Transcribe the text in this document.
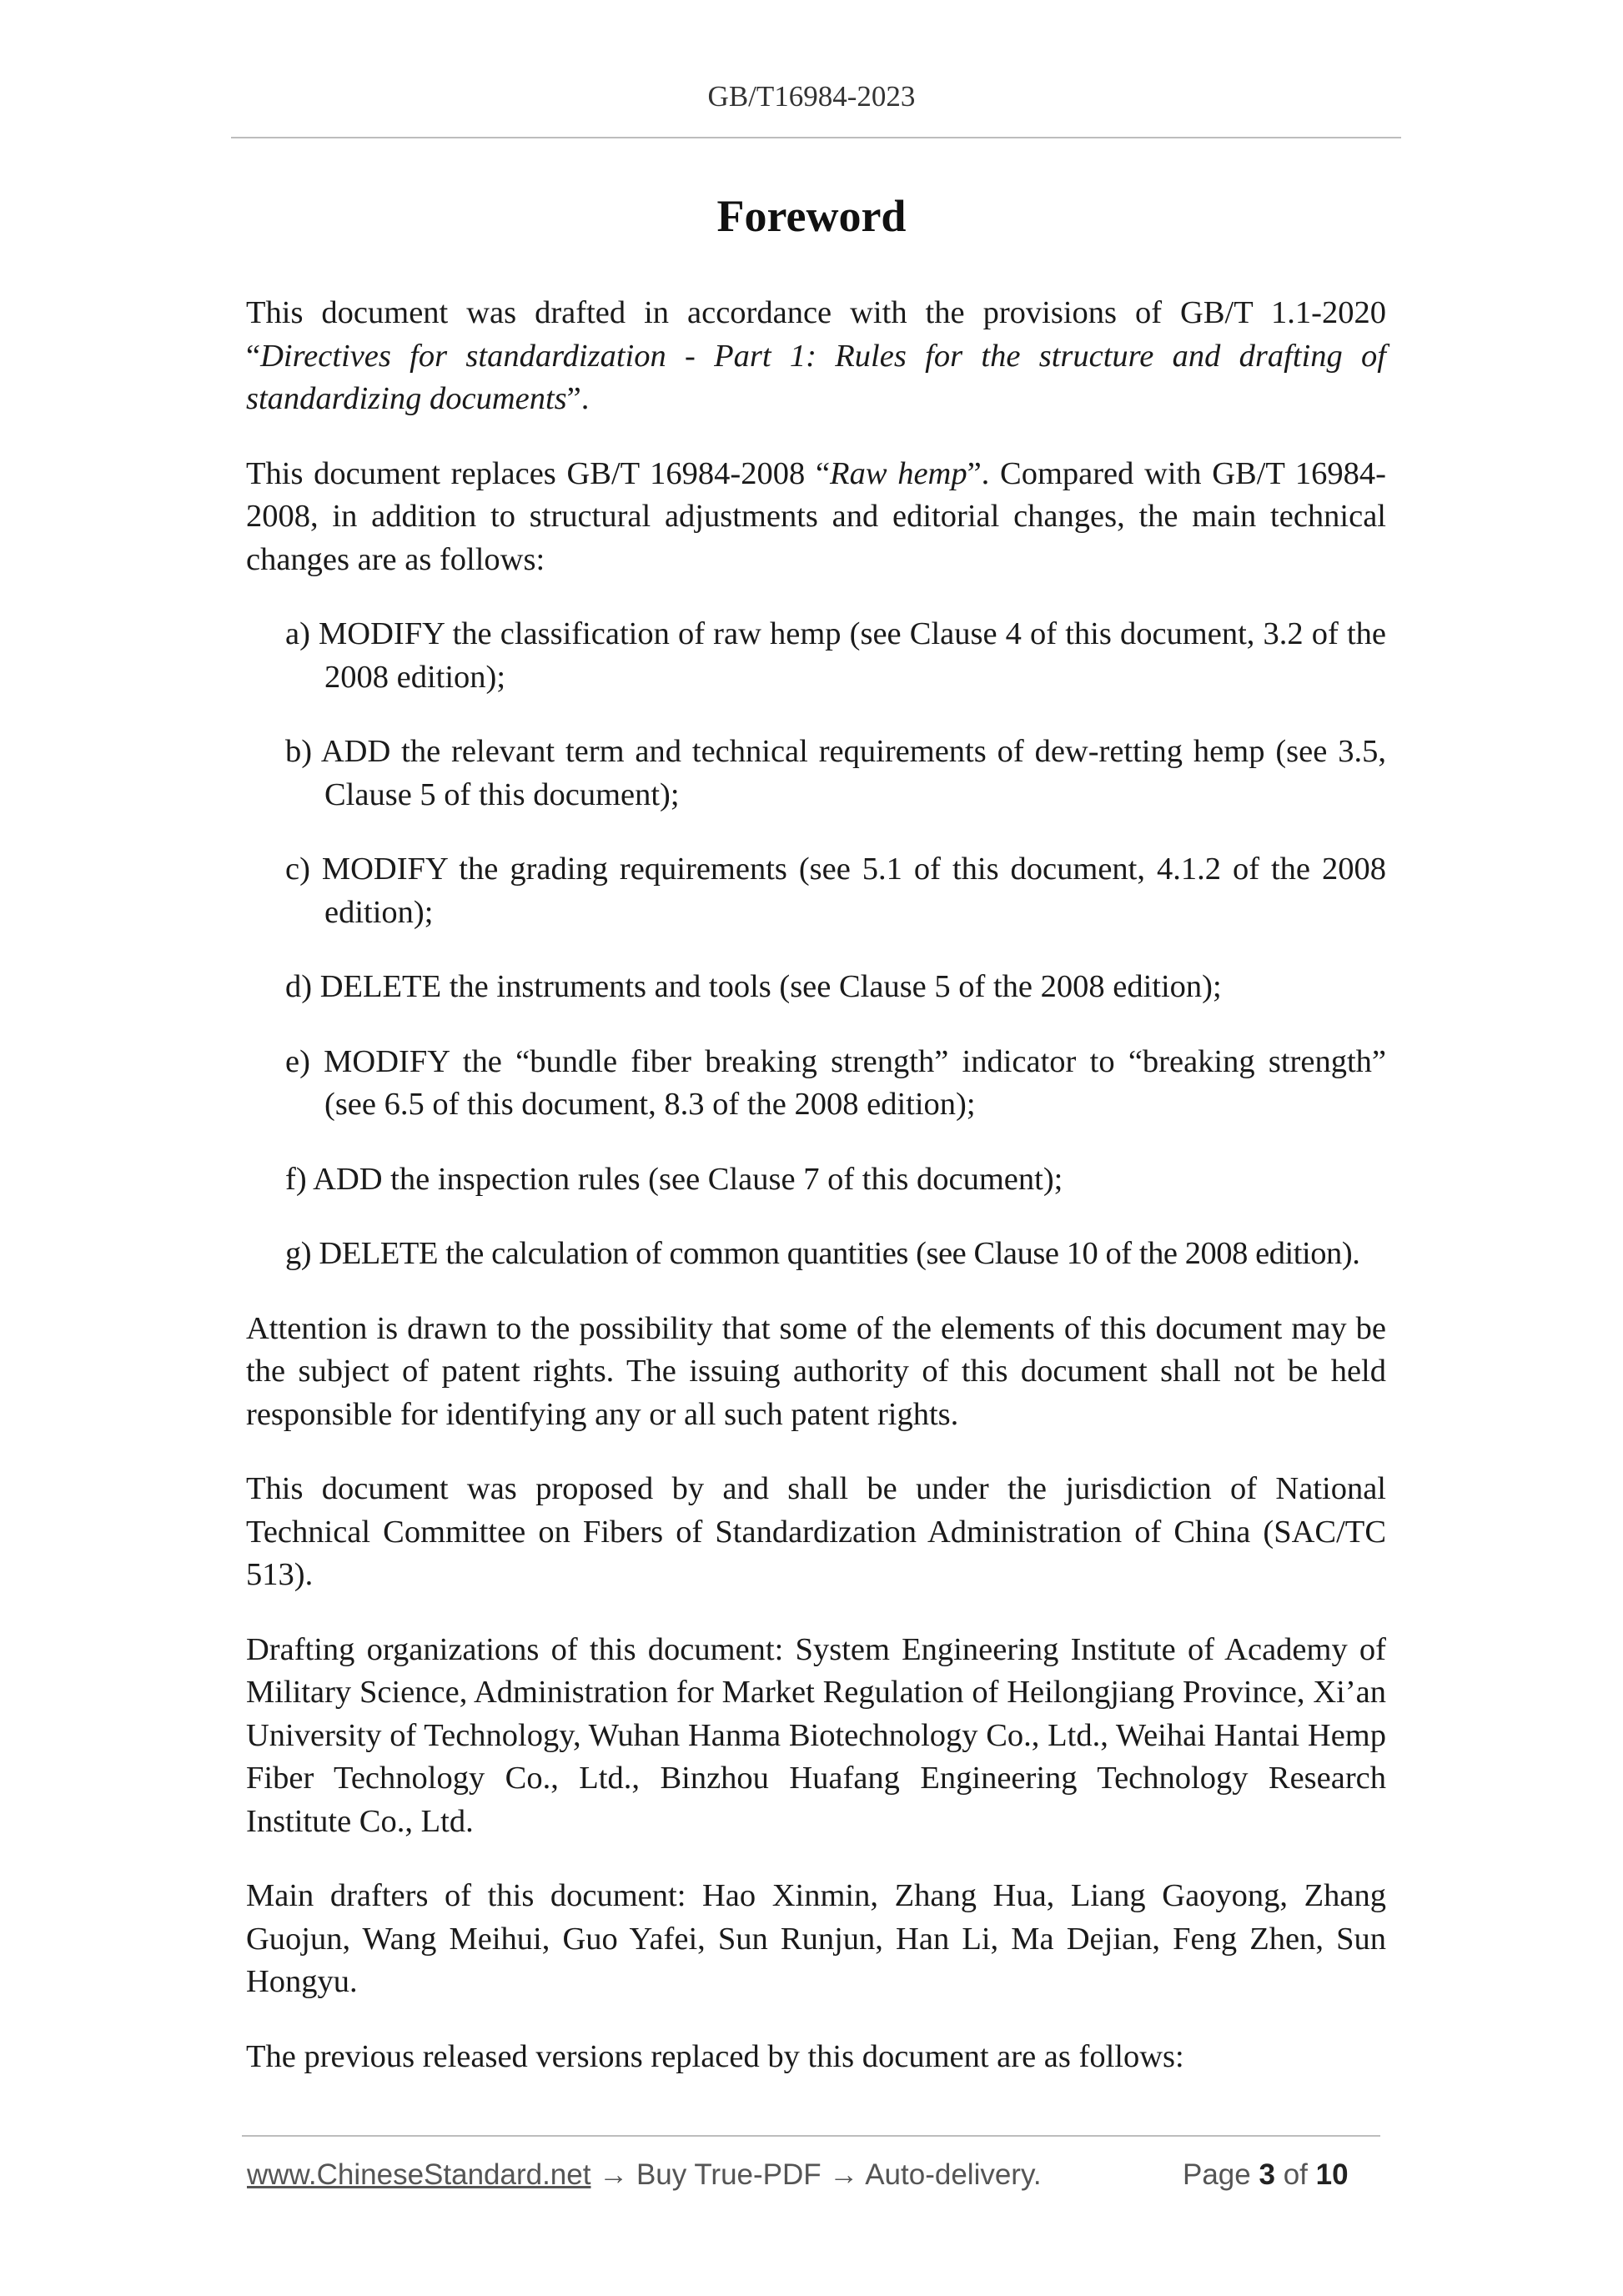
GB/T16984-2023
Foreword

This document was drafted in accordance with the provisions of GB/T 1.1-2020 “Directives for standardization - Part 1: Rules for the structure and drafting of standardizing documents”.

This document replaces GB/T 16984-2008 “Raw hemp”. Compared with GB/T 16984-2008, in addition to structural adjustments and editorial changes, the main technical changes are as follows:

a) MODIFY the classification of raw hemp (see Clause 4 of this document, 3.2 of the 2008 edition);

b) ADD the relevant term and technical requirements of dew-retting hemp (see 3.5, Clause 5 of this document);

c) MODIFY the grading requirements (see 5.1 of this document, 4.1.2 of the 2008 edition);

d) DELETE the instruments and tools (see Clause 5 of the 2008 edition);

e) MODIFY the “bundle fiber breaking strength” indicator to “breaking strength” (see 6.5 of this document, 8.3 of the 2008 edition);

f) ADD the inspection rules (see Clause 7 of this document);

g) DELETE the calculation of common quantities (see Clause 10 of the 2008 edition).

Attention is drawn to the possibility that some of the elements of this document may be the subject of patent rights. The issuing authority of this document shall not be held responsible for identifying any or all such patent rights.

This document was proposed by and shall be under the jurisdiction of National Technical Committee on Fibers of Standardization Administration of China (SAC/TC 513).

Drafting organizations of this document: System Engineering Institute of Academy of Military Science, Administration for Market Regulation of Heilongjiang Province, Xi’an University of Technology, Wuhan Hanma Biotechnology Co., Ltd., Weihai Hantai Hemp Fiber Technology Co., Ltd., Binzhou Huafang Engineering Technology Research Institute Co., Ltd.

Main drafters of this document: Hao Xinmin, Zhang Hua, Liang Gaoyong, Zhang Guojun, Wang Meihui, Guo Yafei, Sun Runjun, Han Li, Ma Dejian, Feng Zhen, Sun Hongyu.

The previous released versions replaced by this document are as follows:

www.ChineseStandard.net → Buy True-PDF → Auto-delivery.	Page 3 of 10
